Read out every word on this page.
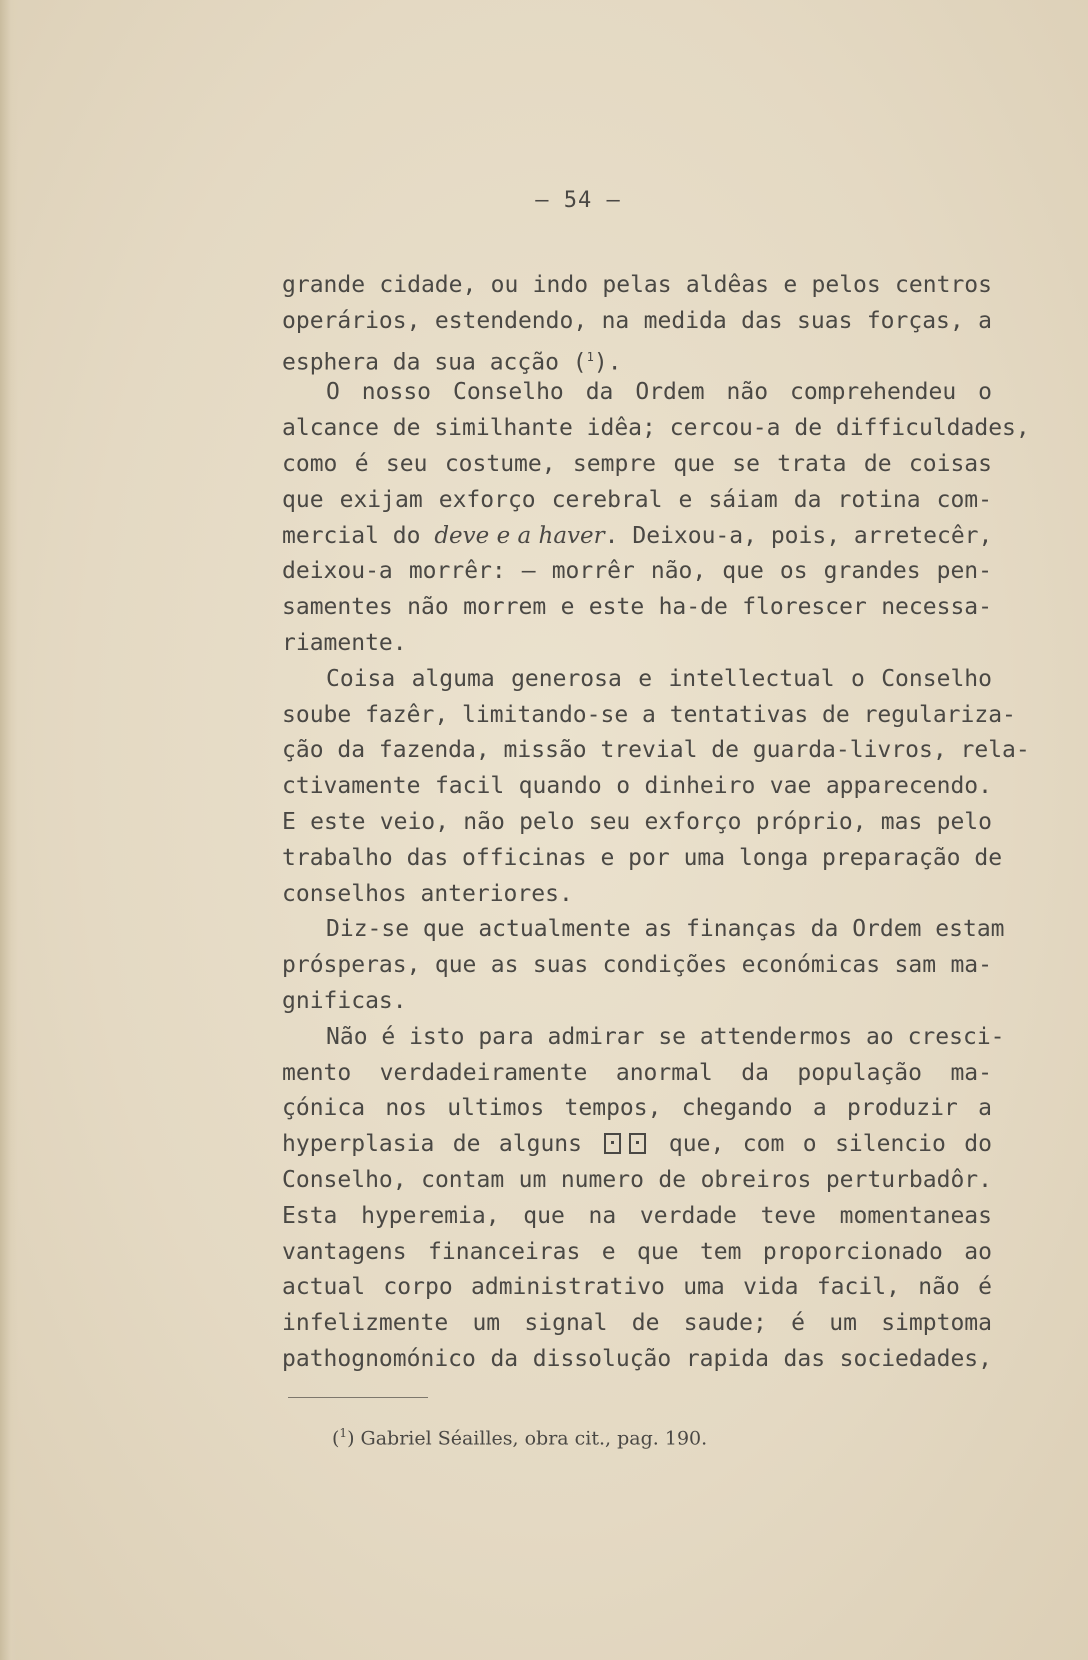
— 54 —
grande cidade, ou indo pelas aldêas e pelos centros
operários, estendendo, na medida das suas forças, a
esphera da sua acção ($^1$).
O nosso Conselho da Ordem não comprehendeu o
alcance de similhante idêa; cercou-a de difficuldades,
como é seu costume, sempre que se trata de coisas
que exijam exforço cerebral e sáiam da rotina com-
mercial do deve e a haver. Deixou-a, pois, arretecêr,
deixou-a morrêr: — morrêr não, que os grandes pen-
samentes não morrem e este ha-de florescer necessa-
riamente.
Coisa alguma generosa e intellectual o Conselho
soube fazêr, limitando-se a tentativas de regulariza-
ção da fazenda, missão trevial de guarda-livros, rela-
ctivamente facil quando o dinheiro vae apparecendo.
E este veio, não pelo seu exforço próprio, mas pelo
trabalho das officinas e por uma longa preparação de
conselhos anteriores.
Diz-se que actualmente as finanças da Ordem estam
prósperas, que as suas condições económicas sam ma-
gnificas.
Não é isto para admirar se attendermos ao cresci-
mento verdadeiramente anormal da população ma-
çónica nos ultimos tempos, chegando a produzir a
hyperplasia de alguns  que, com o silencio do
Conselho, contam um numero de obreiros perturbadôr.
Esta hyperemia, que na verdade teve momentaneas
vantagens financeiras e que tem proporcionado ao
actual corpo administrativo uma vida facil, não é
infelizmente um signal de saude; é um simptoma
pathognomónico da dissolução rapida das sociedades,
($^1$) Gabriel Séailles, obra cit., pag. 190.
